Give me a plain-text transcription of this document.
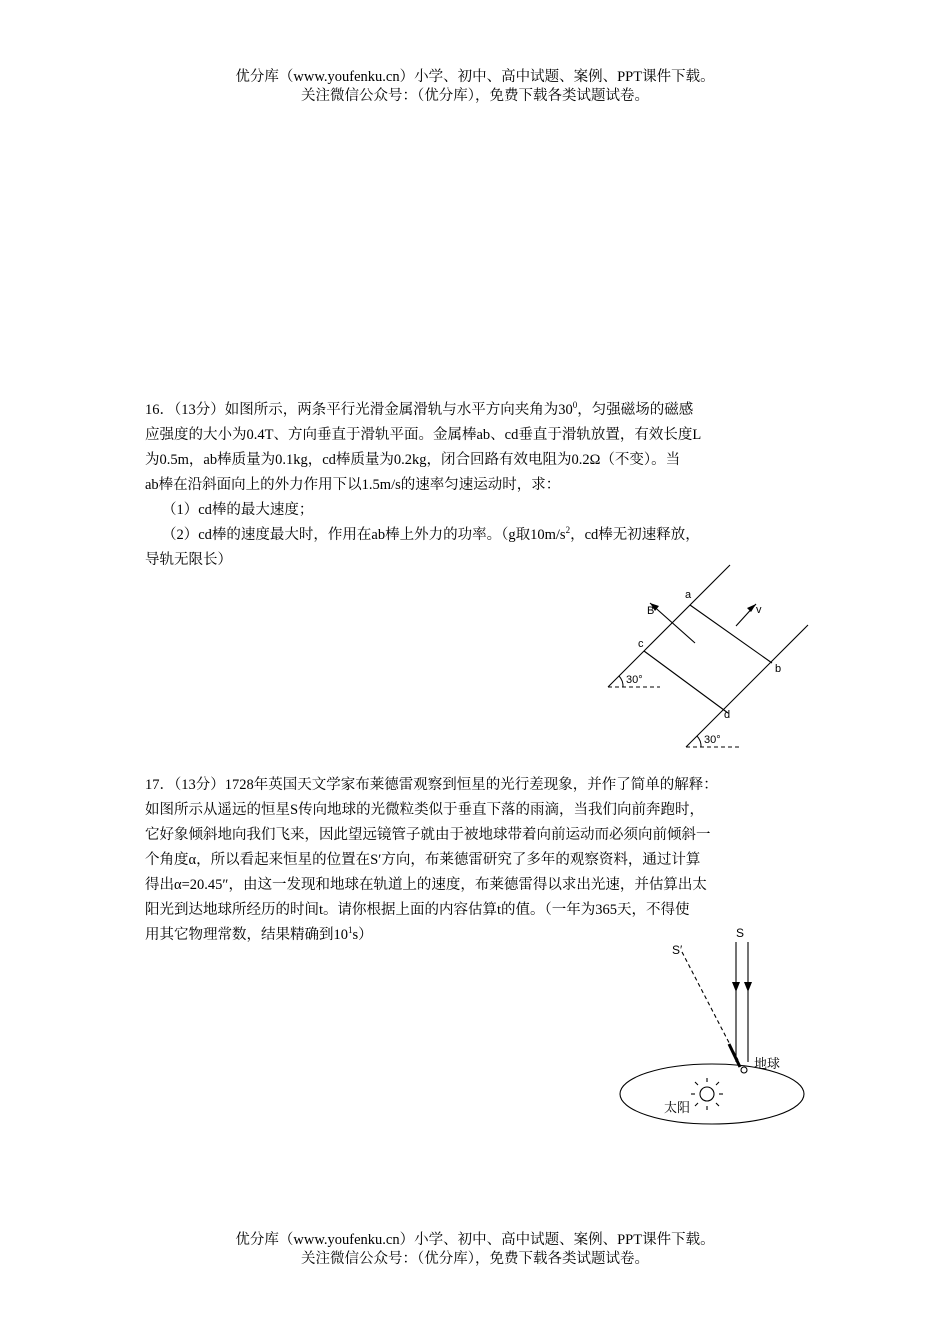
优分库（www.youfenku.cn）小学、初中、高中试题、案例、PPT课件下载。
关注微信公众号：（优分库），免费下载各类试题试卷。

16．（13分）如图所示，两条平行光滑金属滑轨与水平方向夹角为$30^0$，匀强磁场的磁感

应强度的大小为0.4T、方向垂直于滑轨平面。金属棒ab、cd垂直于滑轨放置，有效长度L

为0.5m，ab棒质量为0.1kg，cd棒质量为0.2kg，闭合回路有效电阻为0.2Ω（不变）。当

ab棒在沿斜面向上的外力作用下以1.5m/s的速率匀速运动时，求：

（1）cd棒的最大速度；

（2）cd棒的速度最大时，作用在ab棒上外力的功率。（g取$10m/s^2$，cd棒无初速释放，

导轨无限长）

a
b
c
d
B	v
30°
30°

17．（13分）1728年英国天文学家布莱德雷观察到恒星的光行差现象，并作了简单的解释：

如图所示从遥远的恒星S传向地球的光微粒类似于垂直下落的雨滴，当我们向前奔跑时，

它好象倾斜地向我们飞来，因此望远镜管子就由于被地球带着向前运动而必须向前倾斜一

个角度α，所以看起来恒星的位置在S′方向，布莱德雷研究了多年的观察资料，通过计算

得出α=20.45″，由这一发现和地球在轨道上的速度，布莱德雷得以求出光速，并估算出太

阳光到达地球所经历的时间t。请你根据上面的内容估算t的值。（一年为365天，不得使

用其它物理常数，结果精确到$10^1s$）	S
S′
地球
太阳
优分库（www.youfenku.cn）小学、初中、高中试题、案例、PPT课件下载。
关注微信公众号：（优分库），免费下载各类试题试卷。
